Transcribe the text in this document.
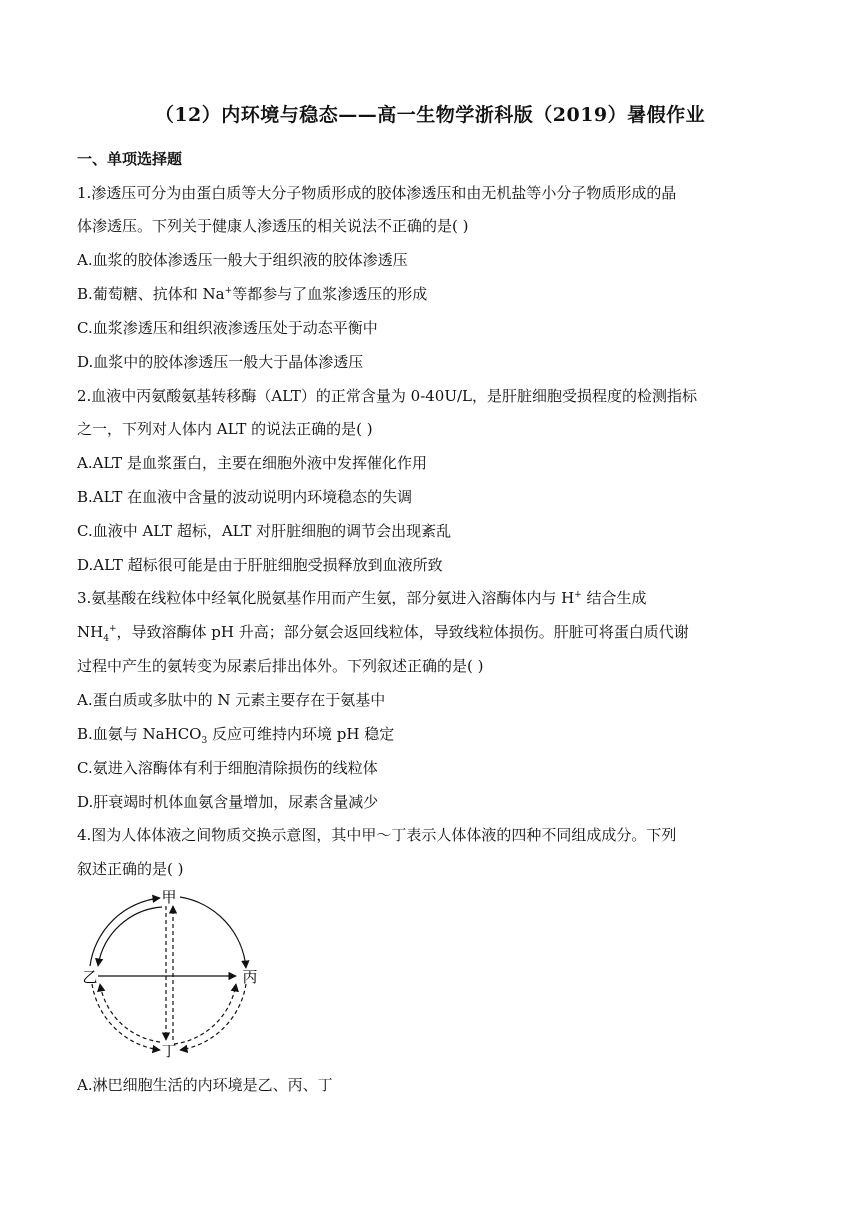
（12）内环境与稳态——高一生物学浙科版（2019）暑假作业
一、单项选择题
1.渗透压可分为由蛋白质等大分子物质形成的胶体渗透压和由无机盐等小分子物质形成的晶
体渗透压。下列关于健康人渗透压的相关说法不正确的是( )
A.血浆的胶体渗透压一般大于组织液的胶体渗透压
B.葡萄糖、抗体和 Na+等都参与了血浆渗透压的形成
C.血浆渗透压和组织液渗透压处于动态平衡中
D.血浆中的胶体渗透压一般大于晶体渗透压
2.血液中丙氨酸氨基转移酶（ALT）的正常含量为 0-40U/L，是肝脏细胞受损程度的检测指标
之一，下列对人体内 ALT 的说法正确的是( )
A.ALT 是血浆蛋白，主要在细胞外液中发挥催化作用
B.ALT 在血液中含量的波动说明内环境稳态的失调
C.血液中 ALT 超标，ALT 对肝脏细胞的调节会出现紊乱
D.ALT 超标很可能是由于肝脏细胞受损释放到血液所致
3.氨基酸在线粒体中经氧化脱氨基作用而产生氨，部分氨进入溶酶体内与 H+ 结合生成
$NH_4^+$，导致溶酶体 pH 升高；部分氨会返回线粒体，导致线粒体损伤。肝脏可将蛋白质代谢
过程中产生的氨转变为尿素后排出体外。下列叙述正确的是( )
A.蛋白质或多肽中的 N 元素主要存在于氨基中
B.血氨与 NaHCO$_3$ 反应可维持内环境 pH 稳定
C.氨进入溶酶体有利于细胞清除损伤的线粒体
D.肝衰竭时机体血氨含量增加，尿素含量减少
4.图为人体体液之间物质交换示意图，其中甲～丁表示人体体液的四种不同组成成分。下列
叙述正确的是( )
甲
乙	丙
丁
A.淋巴细胞生活的内环境是乙、丙、丁
